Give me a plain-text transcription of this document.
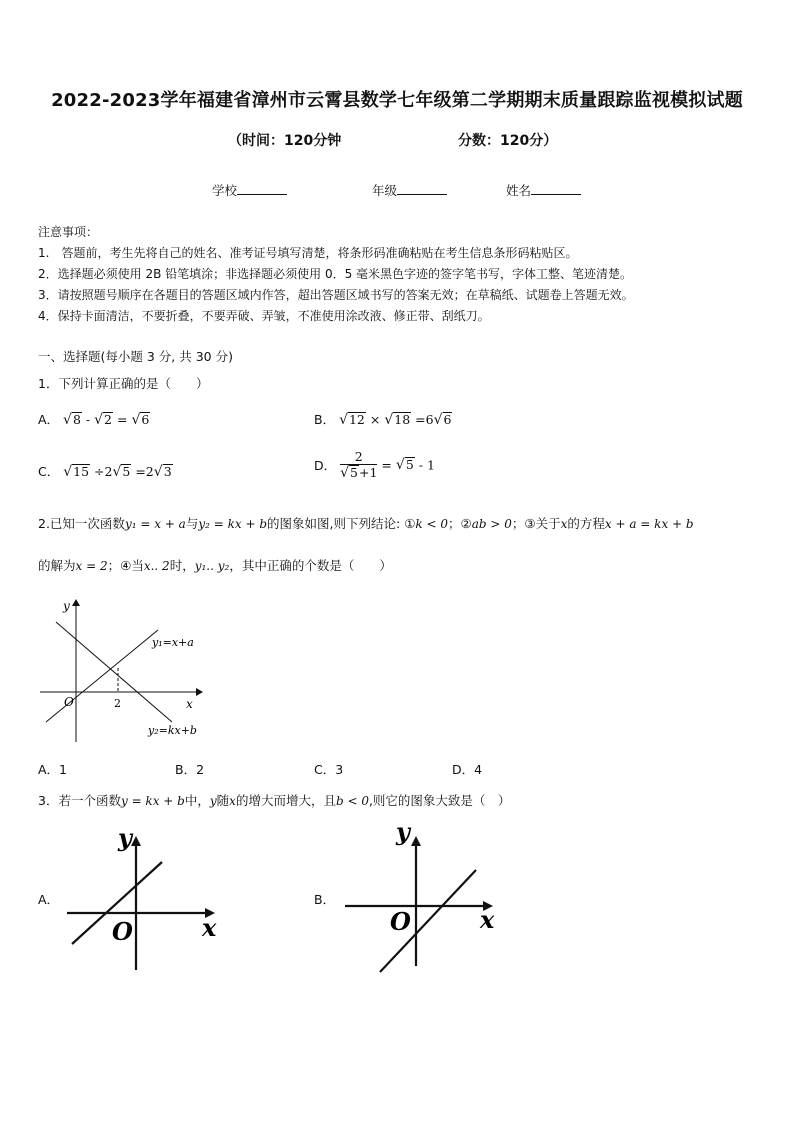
2022-2023学年福建省漳州市云霄县数学七年级第二学期期末质量跟踪监视模拟试题
（时间：120分钟	分数：120分）
学校	年级	姓名
注意事项：
1.　答题前，考生先将自己的姓名、准考证号填写清楚，将条形码准确粘贴在考生信息条形码粘贴区。
2．选择题必须使用 2B 铅笔填涂；非选择题必须使用 0．5 毫米黑色字迹的签字笔书写，字体工整、笔迹清楚。
3．请按照题号顺序在各题目的答题区域内作答，超出答题区域书写的答案无效；在草稿纸、试题卷上答题无效。
4．保持卡面清洁，不要折叠，不要弄破、弄皱，不准使用涂改液、修正带、刮纸刀。
一、选择题(每小题 3 分, 共 30 分)
1．下列计算正确的是（　　）
A． √8 - √2 = √6	B． √12 × √18 =6√6
C． √15 ÷2√5 =2√3	D． $\frac{2}{√5+1} = √5 - 1$
2.已知一次函数y₁ = x + a与y₂ = kx + b的图象如图,则下列结论: ①k < 0；②ab > 0；③关于x的方程x + a = kx + b
的解为x = 2；④当x.. 2时，y₁.. y₂，其中正确的个数是（　　）
y
x
O	2
y₁=x+a
y₂=kx+b
A．1	B．2	C．3	D．4
3．若一个函数y = kx + b中，y随x的增大而增大，且b < 0,则它的图象大致是（　）
A．
y
x
O
B．
y
x
O
